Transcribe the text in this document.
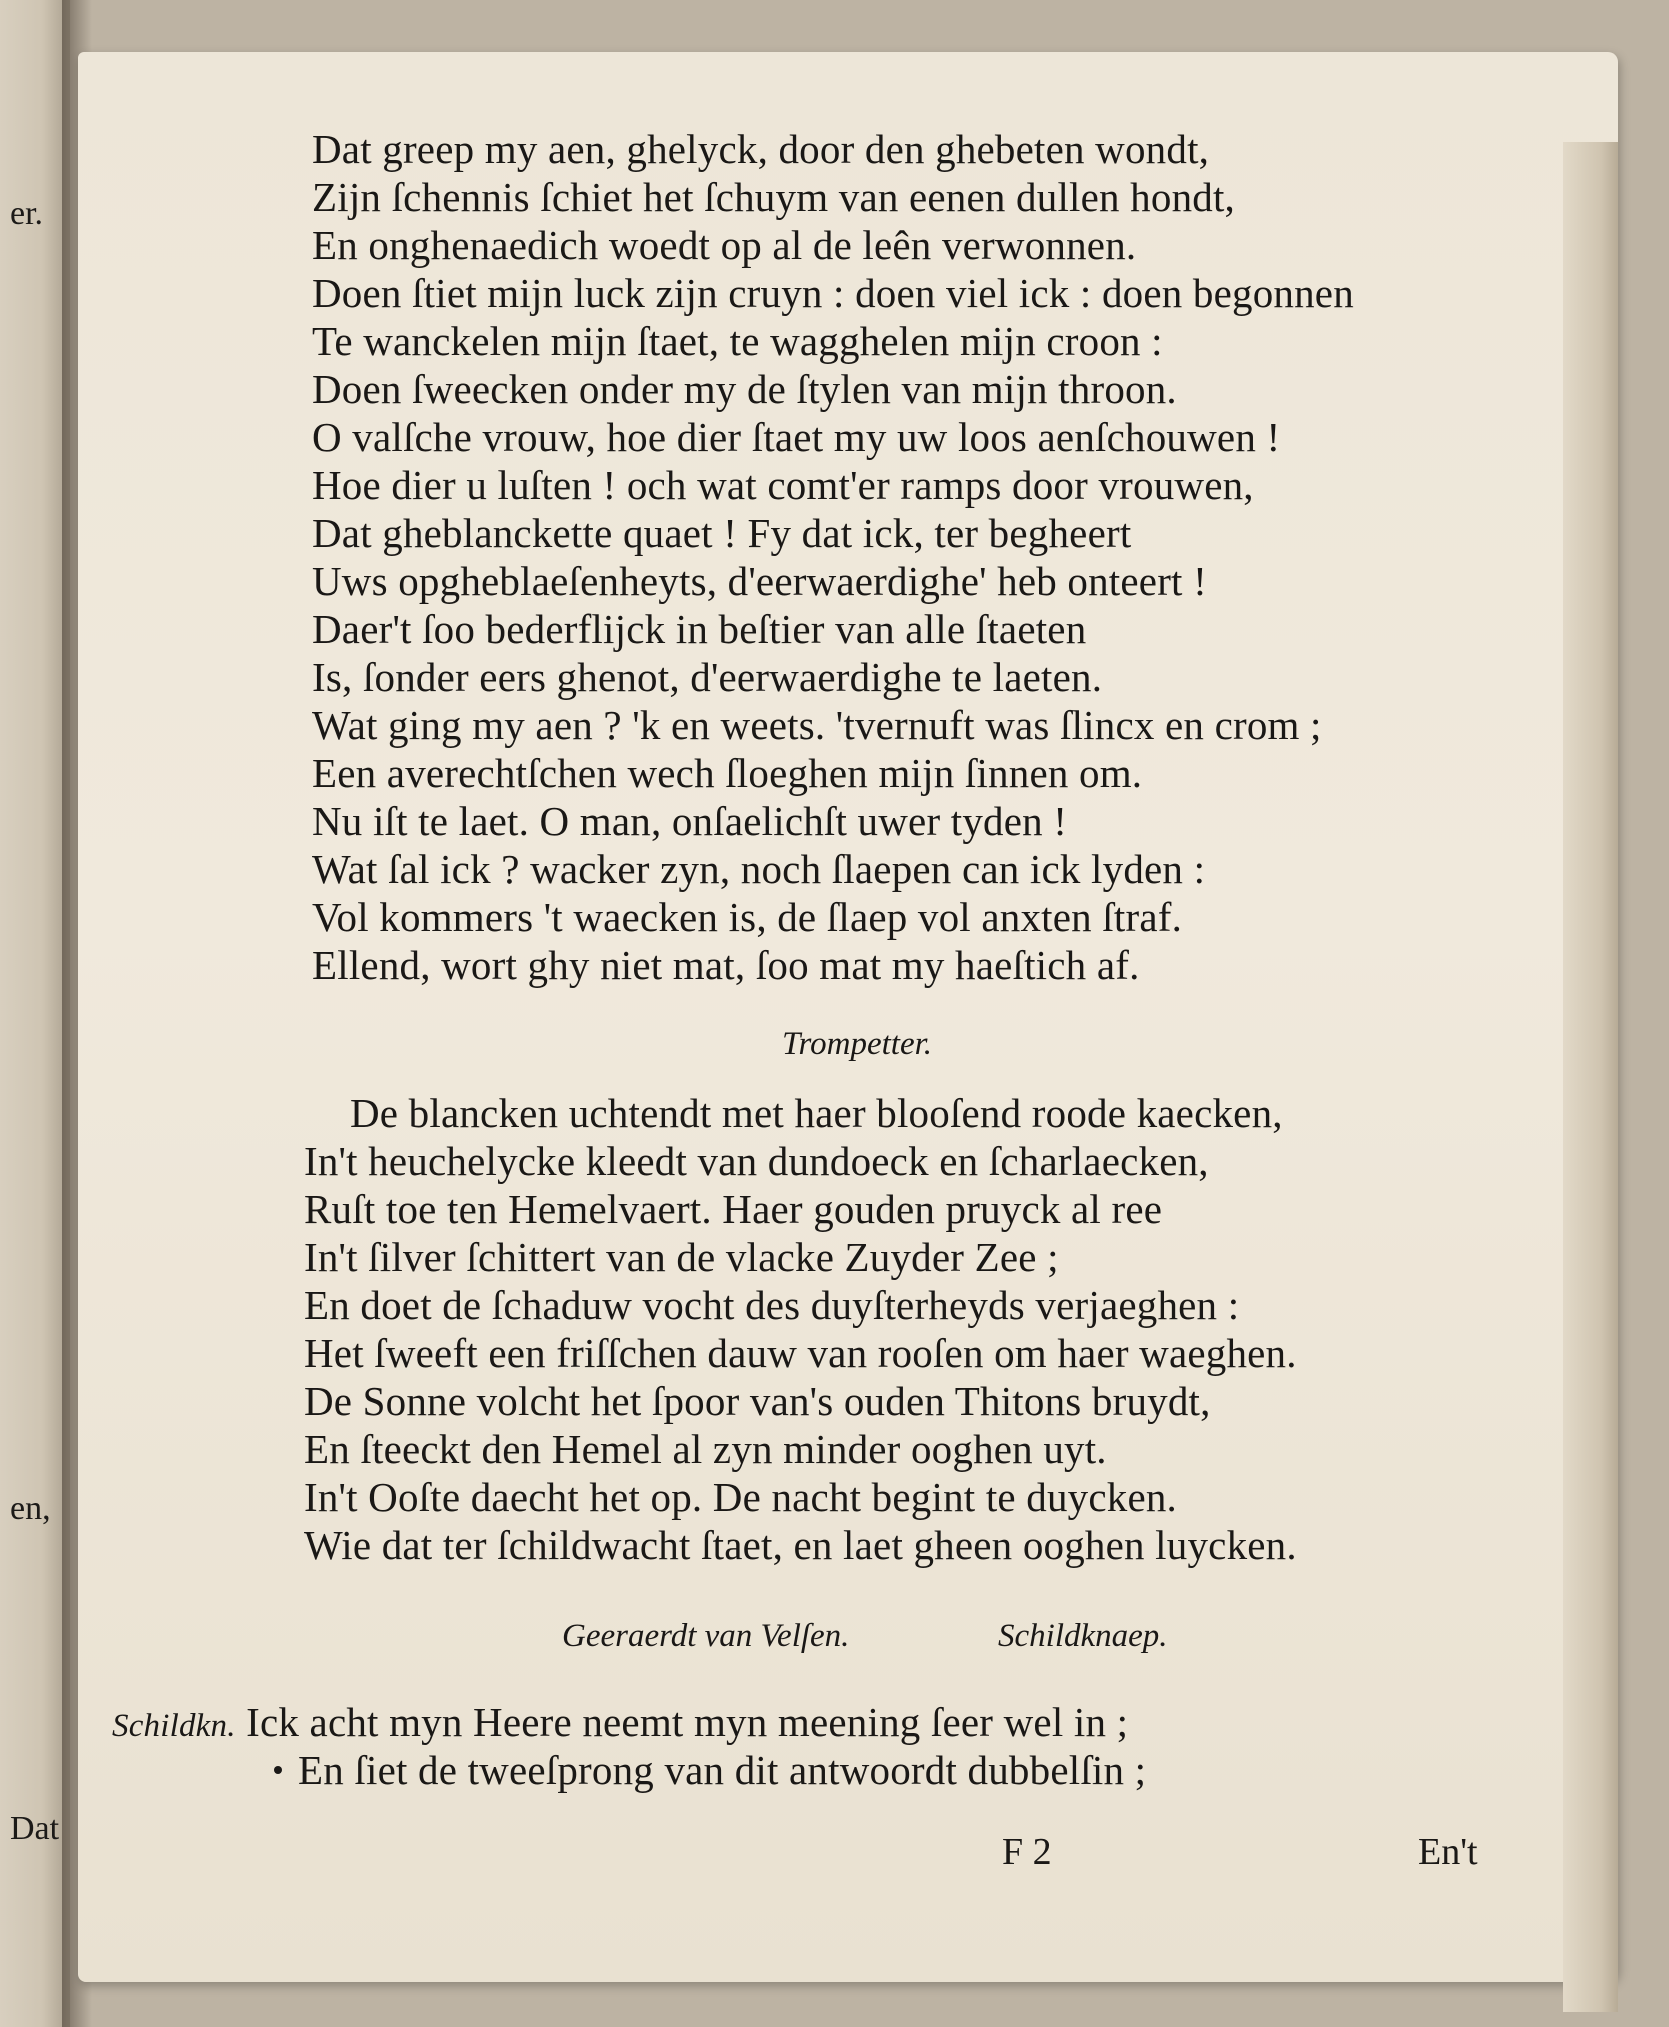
er.
en,
Dat
Dat greep my aen, ghelyck, door den ghebeten wondt,
Zijn ſchennis ſchiet het ſchuym van eenen dullen hondt,
En onghenaedich woedt op al de leên verwonnen.
Doen ſtiet mijn luck zijn cruyn : doen viel ick : doen begonnen
Te wanckelen mijn ſtaet, te wagghelen mijn croon :
Doen ſweecken onder my de ſtylen van mijn throon.
O valſche vrouw, hoe dier ſtaet my uw loos aenſchouwen !
Hoe dier u luſten ! och wat comt'er ramps door vrouwen,
Dat gheblanckette quaet ! Fy dat ick, ter begheert
Uws opgheblaeſenheyts, d'eerwaerdighe' heb onteert !
Daer't ſoo bederflijck in beſtier van alle ſtaeten
Is, ſonder eers ghenot, d'eerwaerdighe te laeten.
Wat ging my aen ? 'k en weets. 'tvernuft was ſlincx en crom ;
Een averechtſchen wech ſloeghen mijn ſinnen om.
Nu iſt te laet. O man, onſaelichſt uwer tyden !
Wat ſal ick ? wacker zyn, noch ſlaepen can ick lyden :
Vol kommers 't waecken is, de ſlaep vol anxten ſtraf.
Ellend, wort ghy niet mat, ſoo mat my haeſtich af.
Trompetter.
De blancken uchtendt met haer blooſend roode kaecken,
In't heuchelycke kleedt van dundoeck en ſcharlaecken,
Ruſt toe ten Hemelvaert. Haer gouden pruyck al ree
In't ſilver ſchittert van de vlacke Zuyder Zee ;
En doet de ſchaduw vocht des duyſterheyds verjaeghen :
Het ſweeft een friſſchen dauw van rooſen om haer waeghen.
De Sonne volcht het ſpoor van's ouden Thitons bruydt,
En ſteeckt den Hemel al zyn minder ooghen uyt.
In't Ooſte daecht het op. De nacht begint te duycken.
Wie dat ter ſchildwacht ſtaet, en laet gheen ooghen luycken.
Geeraerdt van Velſen.	Schildknaep.
Schildkn. Ick acht myn Heere neemt myn meening ſeer wel in ;
En ſiet de tweeſprong van dit antwoordt dubbelſin ;
F 2	En't
